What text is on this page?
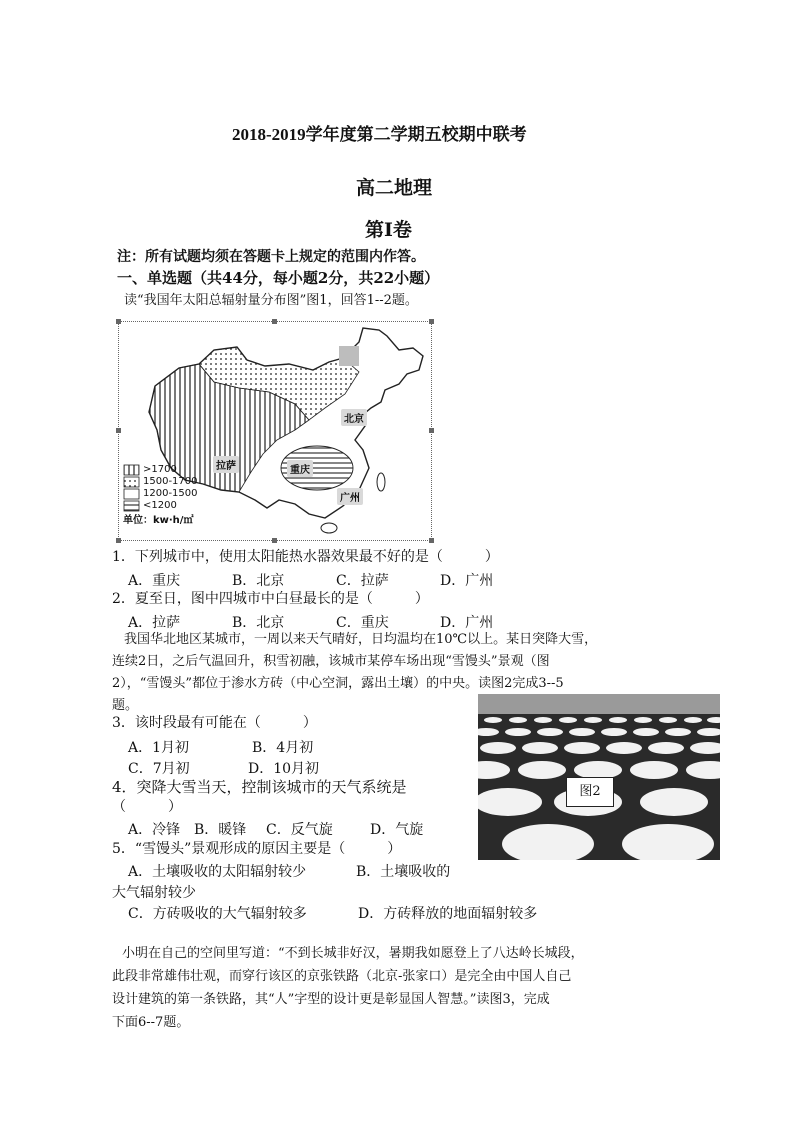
2018-2019学年度第二学期五校期中联考
高二地理
第I卷
注：所有试题均须在答题卡上规定的范围内作答。
一、单选题（共44分，每小题2分，共22小题）
读“我国年太阳总辐射量分布图”图1，回答1--2题。
北京
拉萨	重庆
广州
>1700
1500-1700
1200-1500
<1200
单位：kw·h/㎡
1．下列城市中，使用太阳能热水器效果最不好的是（　　　）
A．重庆	B．北京	C．拉萨	D．广州
2．夏至日，图中四城市中白昼最长的是（　　　）
A．拉萨	B．北京	C．重庆	D．广州
我国华北地区某城市，一周以来天气晴好，日均温均在10℃以上。某日突降大雪，
连续2日，之后气温回升，积雪初融，该城市某停车场出现“雪馒头”景观（图
2），“雪馒头”都位于渗水方砖（中心空洞，露出土壤）的中央。读图2完成3--5
题。
图2
3．该时段最有可能在（　　　）
A．1月初	B．4月初
C．7月初	D．10月初
4．突降大雪当天，控制该城市的天气系统是
（　　　）
A．冷锋 B．暖锋 C．反气旋	D．气旋
5．“雪馒头”景观形成的原因主要是（　　　）
A．土壤吸收的太阳辐射较少	B．土壤吸收的
大气辐射较少
C．方砖吸收的大气辐射较多	D．方砖释放的地面辐射较多
小明在自己的空间里写道：“不到长城非好汉，暑期我如愿登上了八达岭长城段，
此段非常雄伟壮观，而穿行该区的京张铁路（北京-张家口）是完全由中国人自己
设计建筑的第一条铁路，其“人”字型的设计更是彰显国人智慧。”读图3，完成
下面6--7题。
